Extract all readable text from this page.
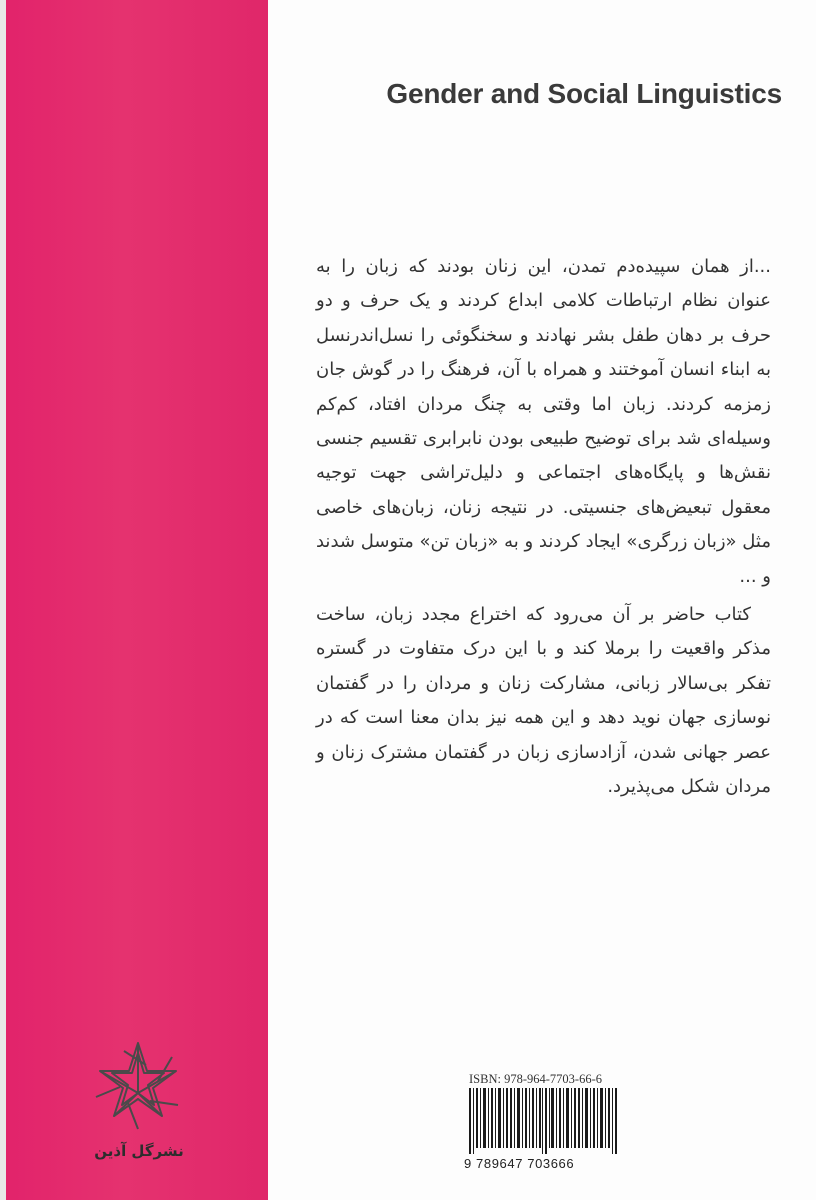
Gender and Social Linguistics

...از همان سپیده‌دم تمدن، این زنان بودند که زبان را به عنوان نظام ارتباطات کلامی ابداع کردند و یک حرف و دو حرف بر دهان طفل بشر نهادند و سخنگوئی را نسل‌اندرنسل به ابناء انسان آموختند و همراه با آن، فرهنگ را در گوش جان زمزمه کردند. زبان اما وقتی به چنگ مردان افتاد، کم‌کم وسیله‌ای شد برای توضیح طبیعی بودن نابرابری تقسیم جنسی نقش‌ها و پایگاه‌های اجتماعی و دلیل‌تراشی جهت توجیه معقول تبعیض‌های جنسیتی. در نتیجه زنان، زبان‌های خاصی مثل «زبان زرگری» ایجاد کردند و به «زبان تن» متوسل شدند و ...

کتاب حاضر بر آن می‌رود که اختراع مجدد زبان، ساخت مذکر واقعیت را برملا کند و با این درک متفاوت در گستره تفکر بی‌سالار زبانی، مشارکت زنان و مردان را در گفتمان نوسازی جهان نوید دهد و این همه نیز بدان معنا است که در عصر جهانی شدن، آزادسازی زبان در گفتمان مشترک زنان و مردان شکل می‌پذیرد.

نشرگل آذین
ISBN: 978-964-7703-66-6
9 789647 703666
